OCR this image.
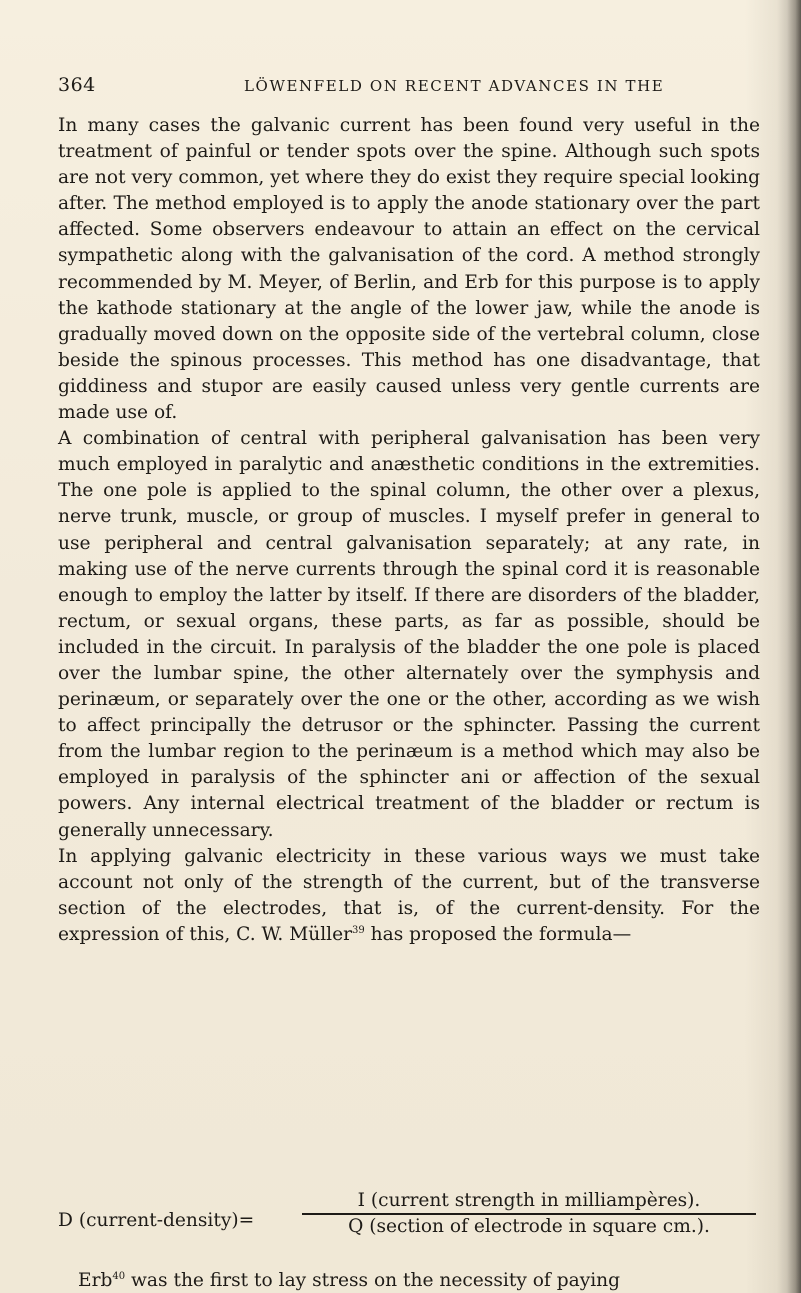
364	LÖWENFELD ON RECENT ADVANCES IN THE

In many cases the galvanic current has been found very useful in the treatment of painful or tender spots over the spine. Although such spots are not very common, yet where they do exist they require special looking after. The method employed is to apply the anode stationary over the part affected. Some observers endeavour to attain an effect on the cervical sympathetic along with the galvanisation of the cord. A method strongly recommended by M. Meyer, of Berlin, and Erb for this purpose is to apply the kathode stationary at the angle of the lower jaw, while the anode is gradually moved down on the opposite side of the vertebral column, close beside the spinous processes. This method has one disadvantage, that giddiness and stupor are easily caused unless very gentle currents are made use of.

A combination of central with peripheral galvanisation has been very much employed in paralytic and anæsthetic conditions in the extremities. The one pole is applied to the spinal column, the other over a plexus, nerve trunk, muscle, or group of muscles. I myself prefer in general to use peripheral and central galvanisation separately; at any rate, in making use of the nerve currents through the spinal cord it is reasonable enough to employ the latter by itself. If there are disorders of the bladder, rectum, or sexual organs, these parts, as far as possible, should be included in the circuit. In paralysis of the bladder the one pole is placed over the lumbar spine, the other alternately over the symphysis and perinæum, or separately over the one or the other, according as we wish to affect principally the detrusor or the sphincter. Passing the current from the lumbar region to the perinæum is a method which may also be employed in paralysis of the sphincter ani or affection of the sexual powers. Any internal electrical treatment of the bladder or rectum is generally unnecessary.

In applying galvanic electricity in these various ways we must take account not only of the strength of the current, but of the transverse section of the electrodes, that is, of the current-density. For the expression of this, C. W. Müller$^{39}$ has proposed the formula—

D (current-density)=
I (current strength in milliampères).
Q (section of electrode in square cm.).
Erb$^{40}$ was the first to lay stress on the necessity of paying
